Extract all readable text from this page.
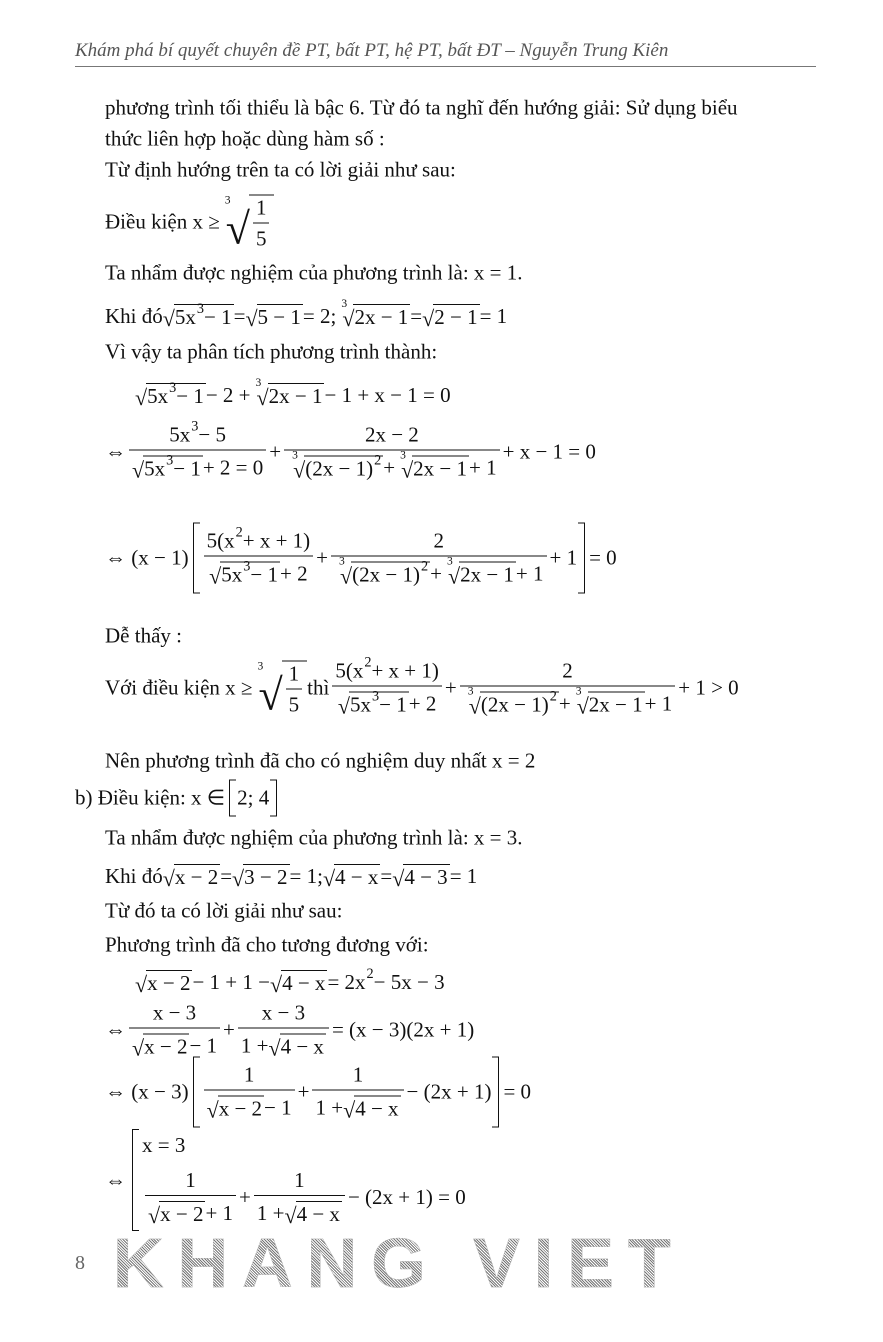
Khám phá bí quyết chuyên đề PT, bất PT, hệ PT, bất ĐT – Nguyễn Trung Kiên
phương trình tối thiểu là bậc 6. Từ đó ta nghĩ đến hướng giải: Sử dụng biểu
thức liên hợp hoặc dùng hàm số :
Từ định hướng trên ta có lời giải như sau:
Điều kiện x ≥
3
√ $\frac{1}{5}$
Ta nhẩm được nghiệm của phương trình là: x = 1.
Khi đó √ 5x 3 − 1 = √ 5 − 1 = 2; 3
√ 2x − 1 = √ 2 − 1 = 1
Vì vậy ta phân tích phương trình thành:
√ 5x 3 − 1 − 2 + 3
√ 2x − 1 − 1 + x − 1 = 0
⇔ $\frac{5x 3 - 5}{√ 5x 3 - 1 + 2 = 0} + 2x - 2$
3
√ (2x − 1) 2 + 3
√ 2x − 1 + 1 + x − 1 = 0
⇔ $(x - 1) \frac{5(x 2 + x + 1)}{√ 5x 3 - 1 + 2} + 2$
3
√ (2x − 1) 2 + 3
√ 2x − 1 + 1 + 1 = 0
Dễ thấy :
Với điều kiện x ≥
3
√ $\frac{1}{5}$ thì $\frac{5(x 2 + x + 1)}{√ 5x 3 - 1 + 2} + 2$
3
√ (2x − 1) 2 + 3
√ 2x − 1 + 1 + 1 > 0
Nên phương trình đã cho có nghiệm duy nhất x = 2
b) Điều kiện: x ∈ 2; 4
Ta nhẩm được nghiệm của phương trình là: x = 3.
Khi đó √ x − 2 = √ 3 − 2 = 1; √ 4 − x = √ 4 − 3 = 1
Từ đó ta có lời giải như sau:
Phương trình đã cho tương đương với:
√ x − 2 − 1 + 1 − √ 4 − x = 2x 2 − 5x − 3
⇔ $\frac{x - 3}{√ x - 2 - 1} + \frac{x - 3}{1 + √ 4 - x} = (x - 3)(2x + 1)$
⇔ $(x - 3) \frac{1}{√ x - 2 - 1} + \frac{1}{1 + √ 4 - x} - (2x + 1) = 0$
⇔
x = 3
$\frac{1}{√ x - 2 + 1} + \frac{1}{1 + √ 4 - x} - (2x + 1) = 0$
8 KHANG VIET
